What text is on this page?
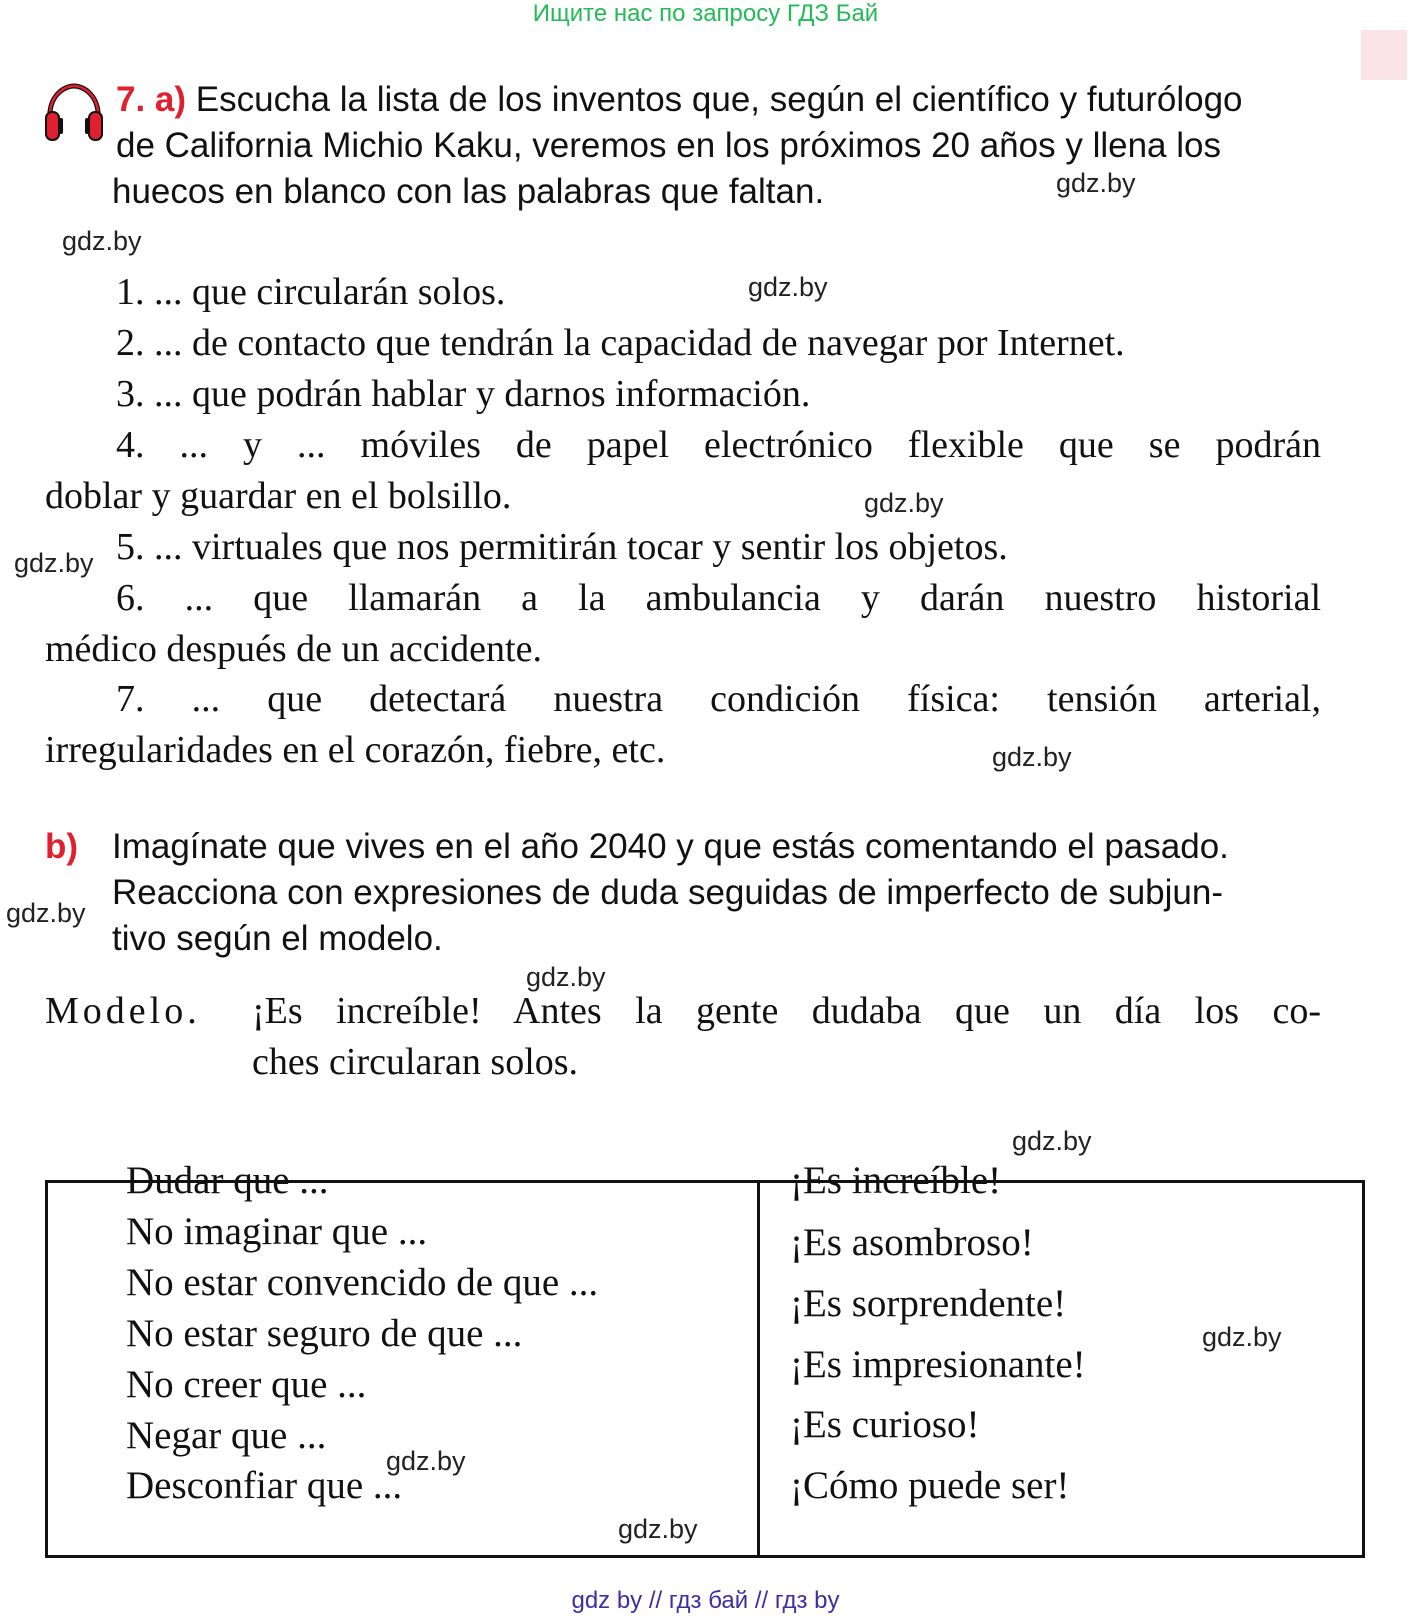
Ищите нас по запросу ГДЗ Бай
7. a) Escucha la lista de los inventos que, según el científico y futurólogo
de California Michio Kaku, veremos en los próximos 20 años y llena los
huecos en blanco con las palabras que faltan.
1. ... que circularán solos.
2. ... de contacto que tendrán la capacidad de navegar por Internet.
3. ... que podrán hablar y darnos información.
4. ... y ... móviles de papel electrónico flexible que se podrán
doblar y guardar en el bolsillo.
5. ... virtuales que nos permitirán tocar y sentir los objetos.
6. ... que llamarán a la ambulancia y darán nuestro historial
médico después de un accidente.
7. ... que detectará nuestra condición física: tensión arterial,
irregularidades en el corazón, fiebre, etc.
b) Imagínate que vives en el año 2040 y que estás comentando el pasado.
Reacciona con expresiones de duda seguidas de imperfecto de subjun-
tivo según el modelo.
Modelo. ¡Es increíble! Antes la gente dudaba que un día los co-
ches circularan solos.
Dudar que ...
No imaginar que ...
No estar convencido de que ...
No estar seguro de que ...
No creer que ...
Negar que ...
Desconfiar que ...
¡Es increíble!
¡Es asombroso!
¡Es sorprendente!
¡Es impresionante!
¡Es curioso!
¡Cómo puede ser!
gdz.by
gdz.by
gdz.by
gdz.by
gdz.by
gdz.by
gdz.by
gdz.by
gdz.by
gdz.by
gdz.by
gdz.by
gdz by // гдз бай // гдз by
